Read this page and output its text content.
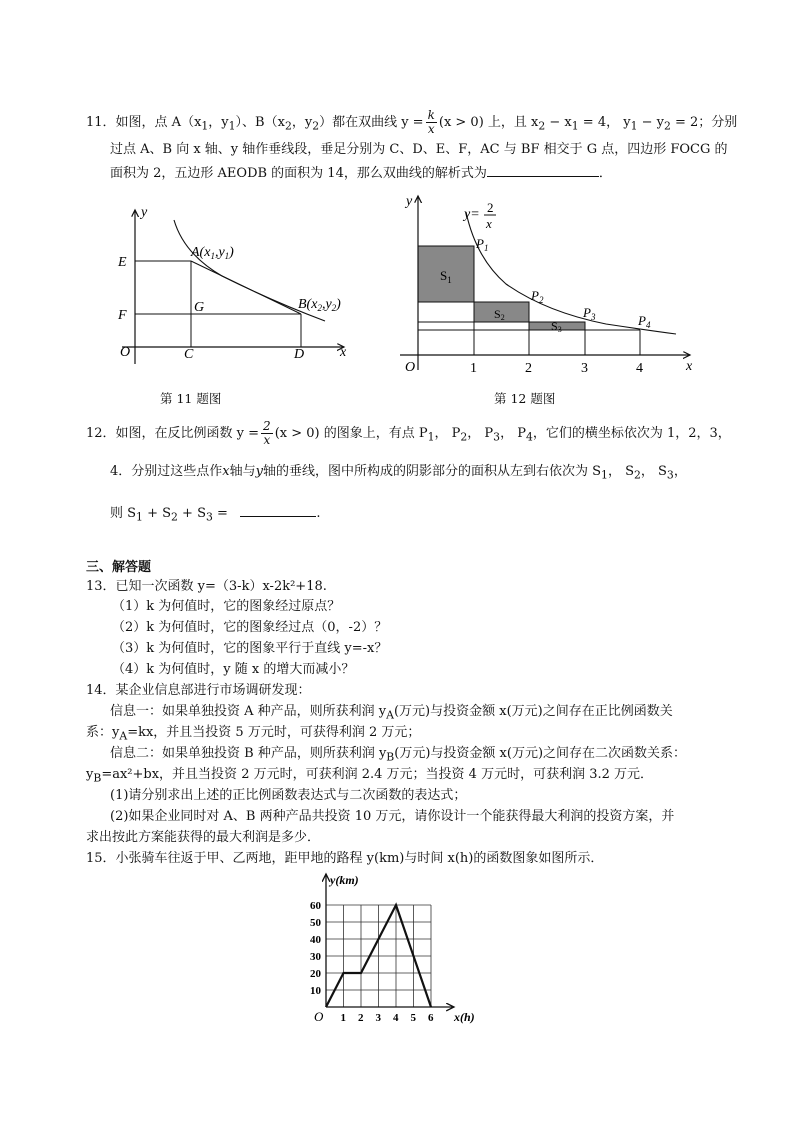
11．如图，点 $A(x_1$，$y_1$）、$B(x_2$，$y_2$）都在双曲线 $y = \frac{k}{x} (x > 0)$ 上，且 $x_2 - x_1 = 4$， $y_1 - y_2 = 2$；分别
过点 A、B 向 x 轴、y 轴作垂线段，垂足分别为 C、D、E、F，AC 与 BF 相交于 G 点，四边形 FOCG 的
面积为 2，五边形 AEODB 的面积为 14，那么双曲线的解析式为	．
y
E
F
O	C	D	x
G
$A(x_1,y_1)$
$B(x_2,y_2)$
第 11 题图
y
y= 2
x
$P_1$
$P_2$
$P_3$	$P_4$
$S_1$
S2
S3
O	1	2	3	4	x
第 12 题图
12．如图，在反比例函数 $y = \frac{2}{x} (x > 0)$ 的图象上，有点 $P_1$， $P_2$， $P_3$， $P_4$，它们的横坐标依次为 1，2，3，
4．分别过这些点作x轴与y轴的垂线，图中所构成的阴影部分的面积从左到右依次为 $S_1$， $S_2$， $S_3$，
则 $S_1 + S_2 + S_3$ =	.
三、解答题
13．已知一次函数 y=（3-k）x-2k²+18.
（1）k 为何值时，它的图象经过原点？
（2）k 为何值时，它的图象经过点（0，-2）？
（3）k 为何值时，它的图象平行于直线 y=-x？
（4）k 为何值时，y 随 x 的增大而减小？
14．某企业信息部进行市场调研发现：
信息一：如果单独投资 A 种产品，则所获利润 $y_A$(万元)与投资金额 x(万元)之间存在正比例函数关
系：$y_A=kx$，并且当投资 5 万元时，可获得利润 2 万元；
信息二：如果单独投资 B 种产品，则所获利润 $y_B$(万元)与投资金额 x(万元)之间存在二次函数关系：
$y_B=ax^2+bx$，并且当投资 2 万元时，可获利润 2.4 万元；当投资 4 万元时，可获利润 3.2 万元．
(1)请分别求出上述的正比例函数表达式与二次函数的表达式；
(2)如果企业同时对 A、B 两种产品共投资 10 万元，请你设计一个能获得最大利润的投资方案，并
求出按此方案能获得的最大利润是多少．
15．小张骑车往返于甲、乙两地，距甲地的路程 y(km)与时间 x(h)的函数图象如图所示．
1 2 3 4 5 6
10
20
30
40
50
60
y(km)
x(h)
O
